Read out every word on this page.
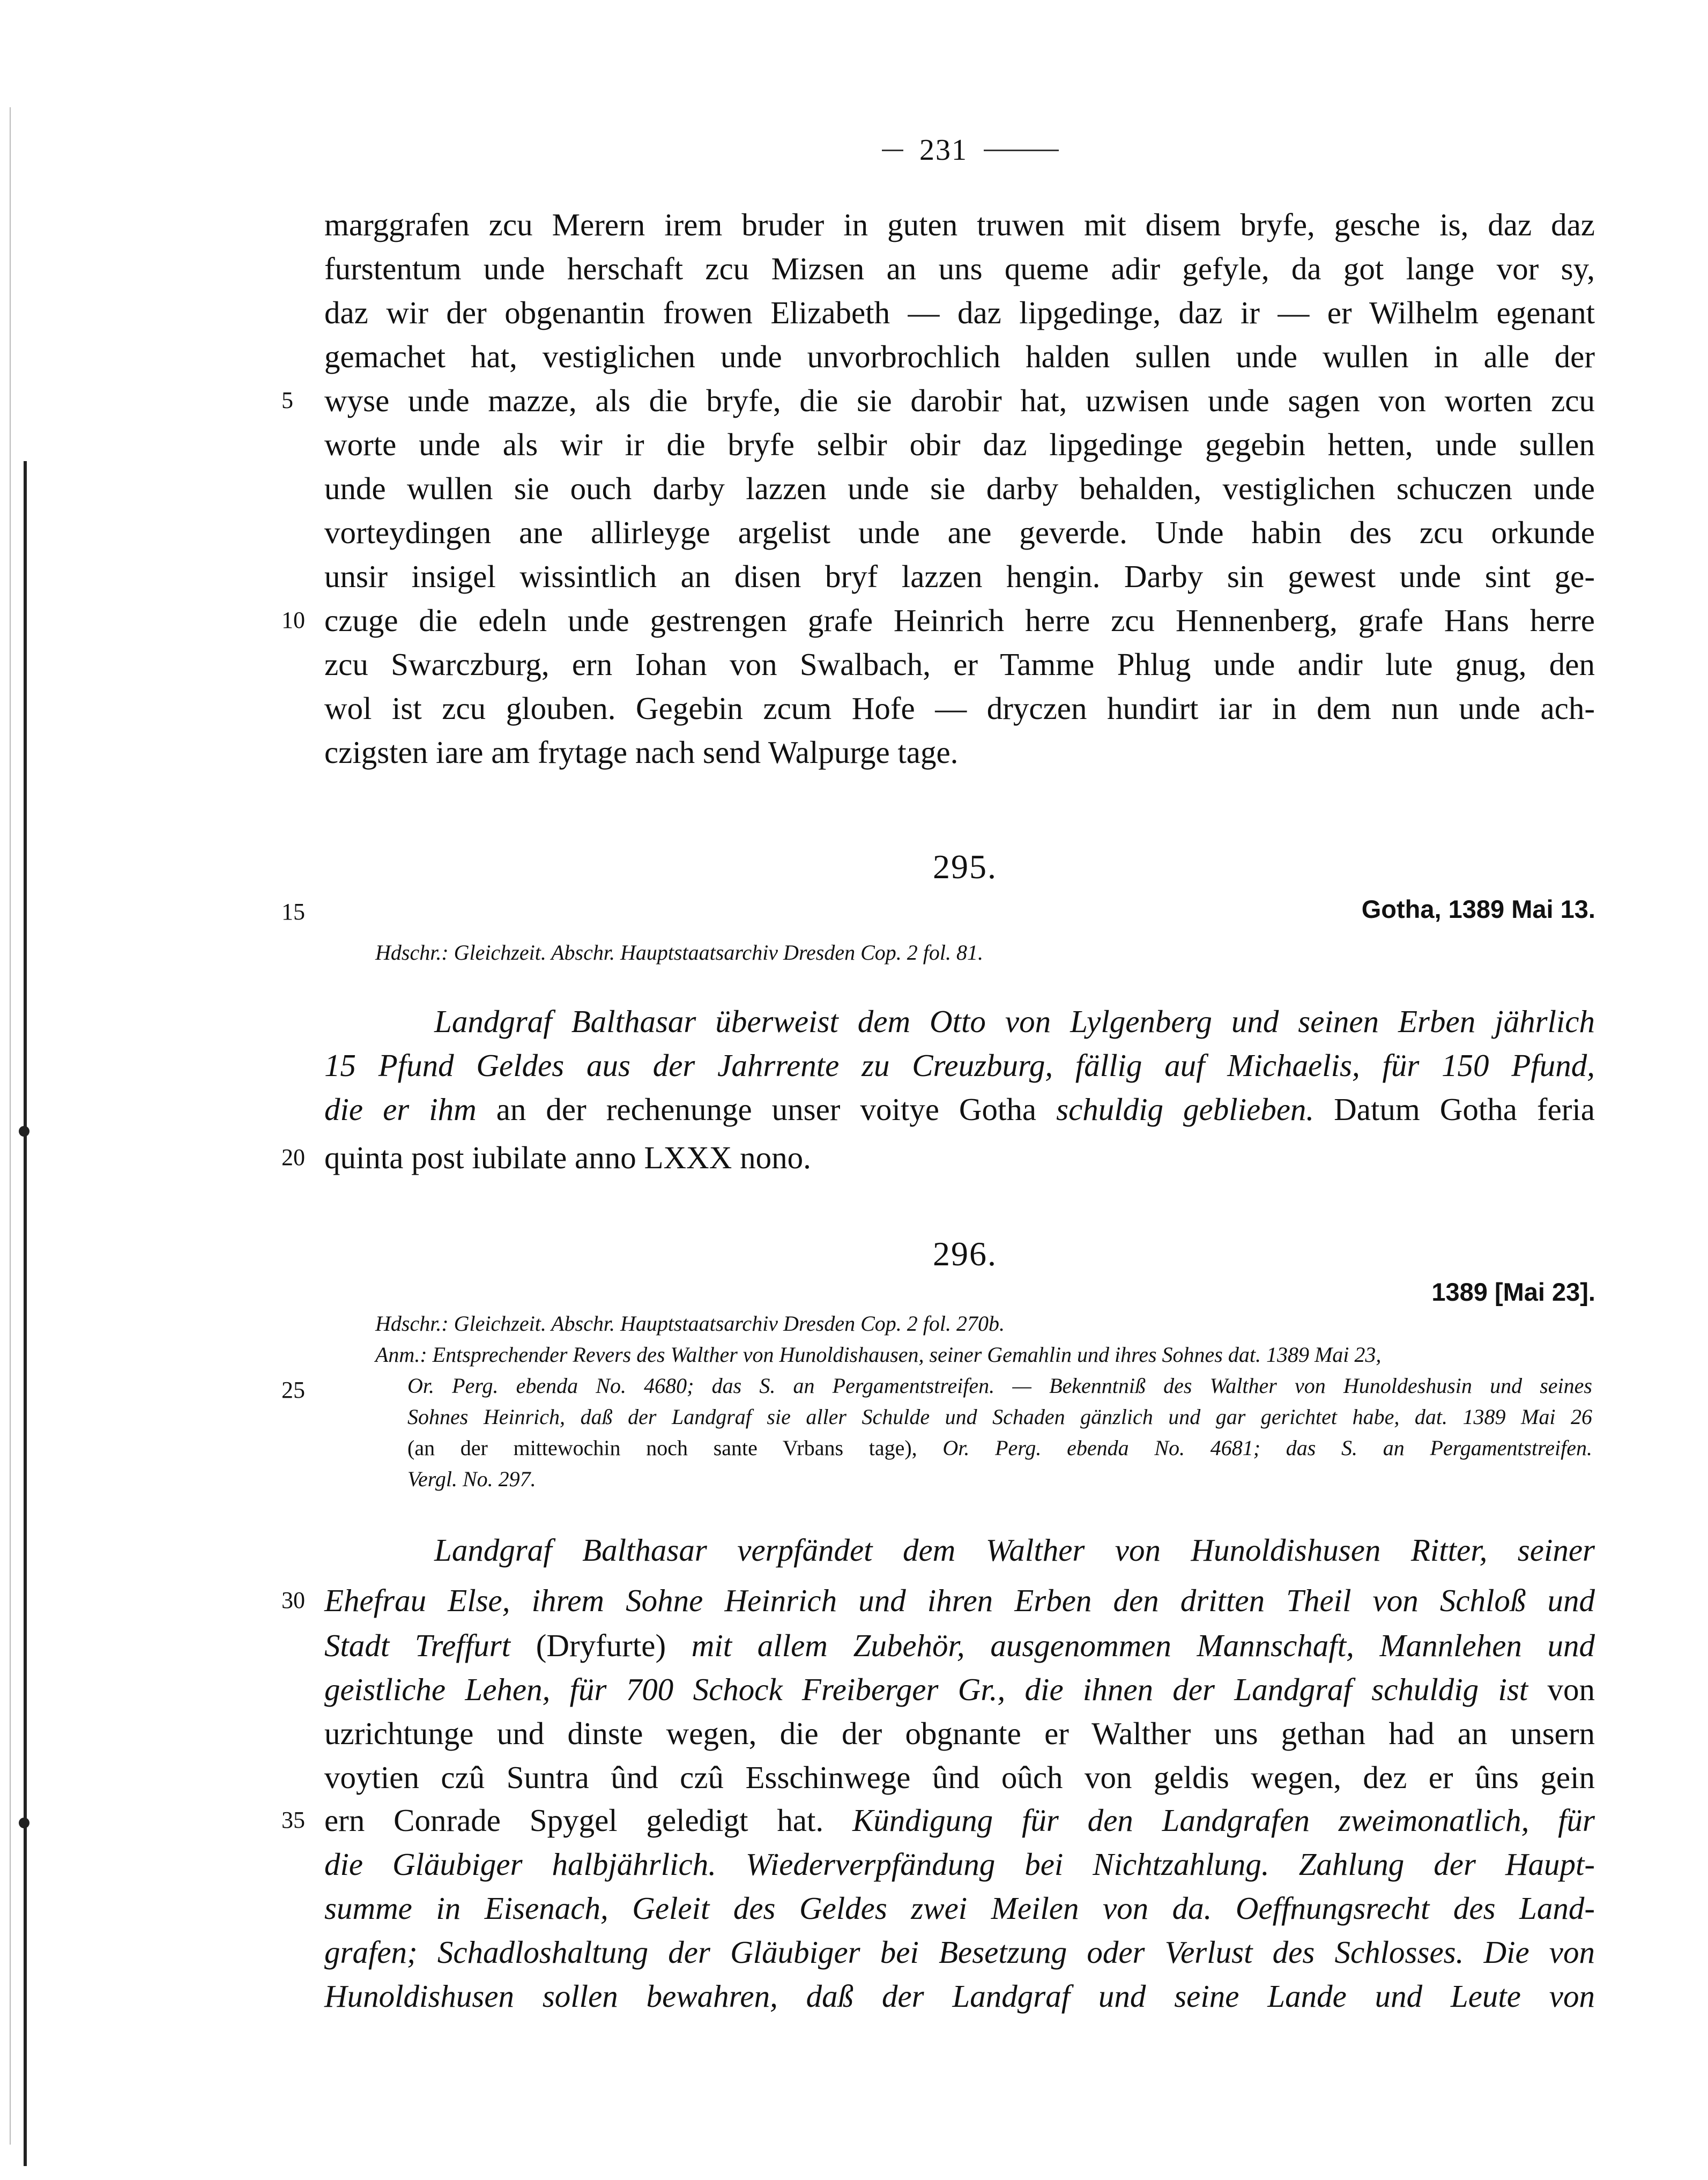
231
marggrafen zcu Merern irem bruder in guten truwen mit disem bryfe, gesche is, daz daz
furstentum unde herschaft zcu Mizsen an uns queme adir gefyle, da got lange vor sy,
daz wir der obgenantin frowen Elizabeth — daz lipgedinge, daz ir — er Wilhelm egenant
gemachet hat, vestiglichen unde unvorbrochlich halden sullen unde wullen in alle der
wyse unde mazze, als die bryfe, die sie darobir hat, uzwisen unde sagen von worten zcu
worte unde als wir ir die bryfe selbir obir daz lipgedinge gegebin hetten, unde sullen
unde wullen sie ouch darby lazzen unde sie darby behalden, vestiglichen schuczen unde
vorteydingen ane allirleyge argelist unde ane geverde. Unde habin des zcu orkunde
unsir insigel wissintlich an disen bryf lazzen hengin. Darby sin gewest unde sint ge-
czuge die edeln unde gestrengen grafe Heinrich herre zcu Hennenberg, grafe Hans herre
zcu Swarczburg, ern Iohan von Swalbach, er Tamme Phlug unde andir lute gnug, den
wol ist zcu glouben. Gegebin zcum Hofe — dryczen hundirt iar in dem nun unde ach-
czigsten iare am frytage nach send Walpurge tage.
5
10
15
20
25
30
35
295.
Gotha, 1389 Mai 13.
Hdschr.: Gleichzeit. Abschr. Hauptstaatsarchiv Dresden Cop. 2 fol. 81.
Landgraf Balthasar überweist dem Otto von Lylgenberg und seinen Erben jährlich
15 Pfund Geldes aus der Jahrrente zu Creuzburg, fällig auf Michaelis, für 150 Pfund,
die er ihm an der rechenunge unser voitye Gotha schuldig geblieben. Datum Gotha feria
quinta post iubilate anno LXXX nono.
296.
1389 [Mai 23].
Hdschr.: Gleichzeit. Abschr. Hauptstaatsarchiv Dresden Cop. 2 fol. 270b.
Anm.: Entsprechender Revers des Walther von Hunoldishausen, seiner Gemahlin und ihres Sohnes dat. 1389 Mai 23,
Or. Perg. ebenda No. 4680; das S. an Pergamentstreifen. — Bekenntniß des Walther von Hunoldeshusin und seines
Sohnes Heinrich, daß der Landgraf sie aller Schulde und Schaden gänzlich und gar gerichtet habe, dat. 1389 Mai 26
(an der mittewochin noch sante Vrbans tage), Or. Perg. ebenda No. 4681; das S. an Pergamentstreifen.
Vergl. No. 297.
Landgraf Balthasar verpfändet dem Walther von Hunoldishusen Ritter, seiner
Ehefrau Else, ihrem Sohne Heinrich und ihren Erben den dritten Theil von Schloß und
Stadt Treffurt (Dryfurte) mit allem Zubehör, ausgenommen Mannschaft, Mannlehen und
geistliche Lehen, für 700 Schock Freiberger Gr., die ihnen der Landgraf schuldig ist von
uzrichtunge und dinste wegen, die der obgnante er Walther uns gethan had an unsern
voytien czû Suntra ûnd czû Esschinwege ûnd oûch von geldis wegen, dez er ûns gein
ern Conrade Spygel geledigt hat. Kündigung für den Landgrafen zweimonatlich, für
die Gläubiger halbjährlich. Wiederverpfändung bei Nichtzahlung. Zahlung der Haupt-
summe in Eisenach, Geleit des Geldes zwei Meilen von da. Oeffnungsrecht des Land-
grafen; Schadloshaltung der Gläubiger bei Besetzung oder Verlust des Schlosses. Die von
Hunoldishusen sollen bewahren, daß der Landgraf und seine Lande und Leute von
